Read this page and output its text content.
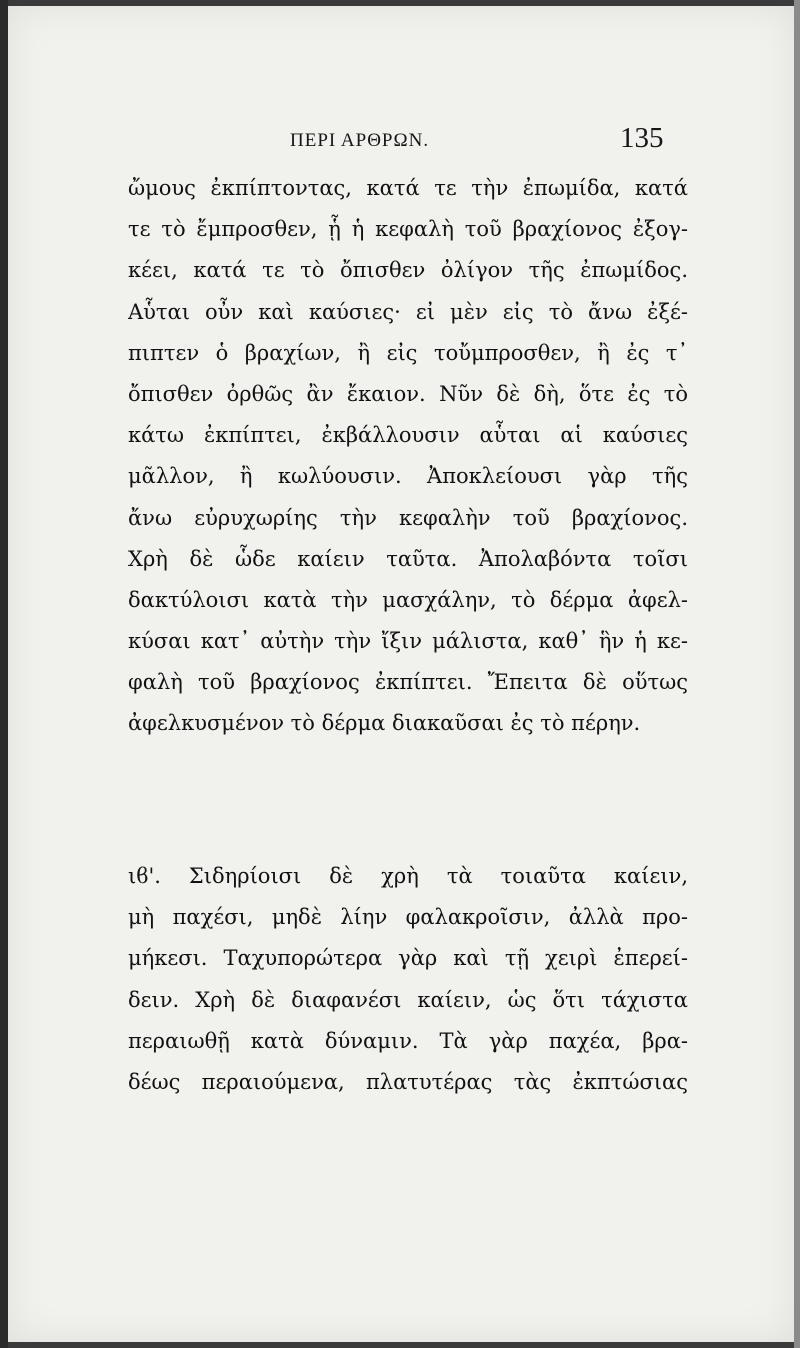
ΠΕΡΙ ΑΡΘΡΩΝ.	135
ὤμους ἐκπίπτοντας, κατά τε τὴν ἐπωμίδα, κατά
τε τὸ ἔμπροσθεν, ᾗ ἡ κεφαλὴ τοῦ βραχίονος ἐξογ-
κέει, κατά τε τὸ ὄπισθεν ὀλίγον τῆς ἐπωμίδος.
Αὗται οὖν καὶ καύσιες· εἰ μὲν εἰς τὸ ἄνω ἐξέ-
πιπτεν ὁ βραχίων, ἢ εἰς τοὔμπροσθεν, ἢ ἐς τ᾽
ὄπισθεν ὀρθῶς ἂν ἔκαιον. Νῦν δὲ δὴ, ὅτε ἐς τὸ
κάτω ἐκπίπτει, ἐκβάλλουσιν αὗται αἱ καύσιες
μᾶλλον, ἢ κωλύουσιν. Ἀποκλείουσι γὰρ τῆς
ἄνω εὐρυχωρίης τὴν κεφαλὴν τοῦ βραχίονος.
Χρὴ δὲ ὧδε καίειν ταῦτα. Ἀπολαβόντα τοῖσι
δακτύλοισι κατὰ τὴν μασχάλην, τὸ δέρμα ἀφελ-
κύσαι κατ᾽ αὐτὴν τὴν ἴξιν μάλιστα, καθ᾽ ἣν ἡ κε-
φαλὴ τοῦ βραχίονος ἐκπίπτει. Ἔπειτα δὲ οὕτως
ἀφελκυσμένον τὸ δέρμα διακαῦσαι ἐς τὸ πέρην.
ιϐ'. Σιδηρίοισι δὲ χρὴ τὰ τοιαῦτα καίειν,
μὴ παχέσι, μηδὲ λίην φαλακροῖσιν, ἀλλὰ προ-
μήκεσι. Ταχυπορώτερα γὰρ καὶ τῇ χειρὶ ἐπερεί-
δειν. Χρὴ δὲ διαφανέσι καίειν, ὡς ὅτι τάχιστα
περαιωθῇ κατὰ δύναμιν. Τὰ γὰρ παχέα, βρα-
δέως περαιούμενα, πλατυτέρας τὰς ἐκπτώσιας
